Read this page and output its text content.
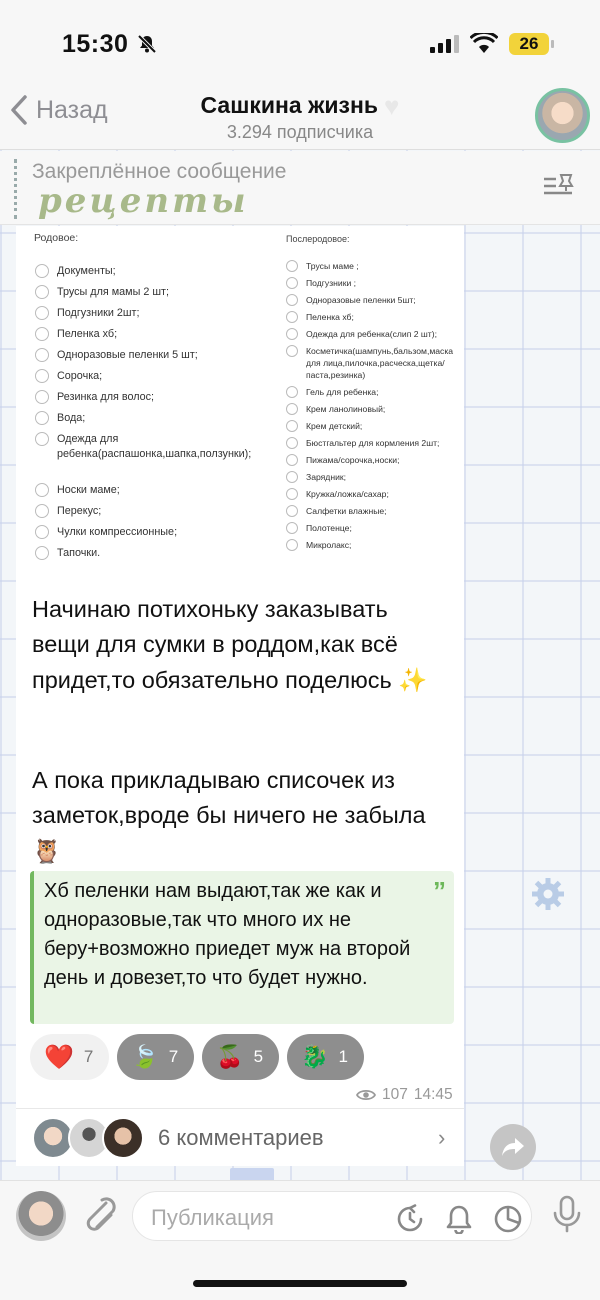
15:30	26
Назад	Сашкина жизнь ♥
3.294 подписчика
Закреплённое сообщение
рецепты
Родовое:
Документы;
Трусы для мамы 2 шт;
Подгузники 2шт;
Пеленка хб;
Одноразовые пеленки 5 шт;
Сорочка;
Резинка для волос;
Вода;
Одежда для ребенка(распашонка,шапка,ползунки);
Носки маме;
Перекус;
Чулки компрессионные;
Тапочки.
Послеродовое:
Трусы маме ;
Подгузники ;
Одноразовые пеленки 5шт;
Пеленка хб;
Одежда для ребенка(слип 2 шт);
Косметичка(шампунь,бальзом,маска для лица,пилочка,расческа,щетка/паста,резинка)
Гель для ребенка;
Крем ланолиновый;
Крем детский;
Бюстгальтер для кормления 2шт;
Пижама/сорочка,носки;
Зарядник;
Кружка/ложка/сахар;
Салфетки влажные;
Полотенце;
Микролакс;
Начинаю потихоньку заказывать вещи для сумки в роддом,как всё придет,то обязательно поделюсь ✨
А пока прикладываю списочек из заметок,вроде бы ничего не забыла 🦉
Хб пеленки нам выдают,так же как и одноразовые,так что много их не беру+возможно приедет муж на второй день и довезет,то что будет нужно.
”
❤️ 7 🍃 7 🍒 5 🐉 1
107 14:45
6 комментариев	›
Публикация
